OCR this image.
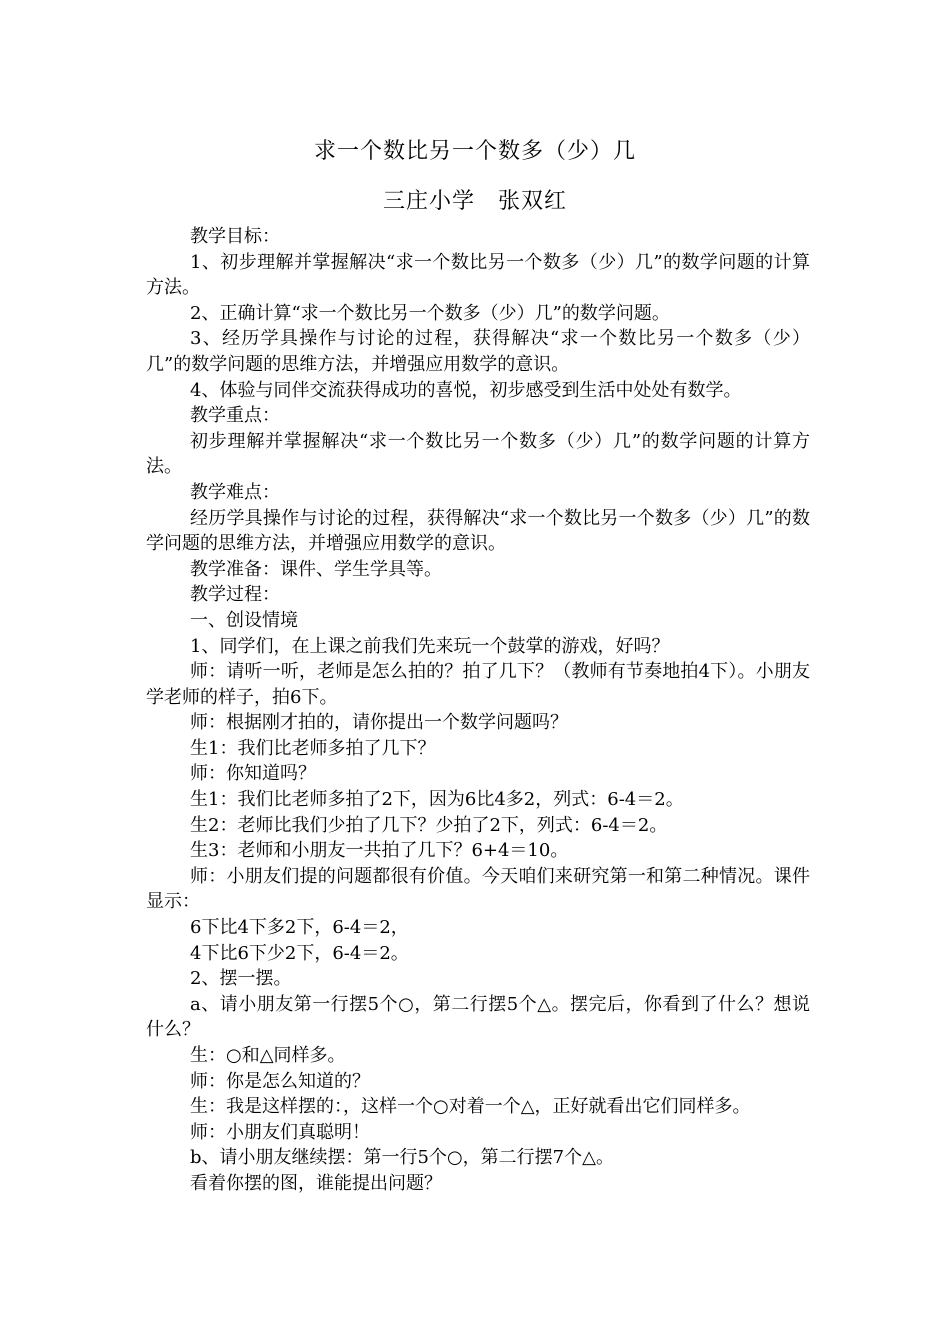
求一个数比另一个数多（少）几
三庄小学　张双红

教学目标：

1、初步理解并掌握解决“求一个数比另一个数多（少）几”的数学问题的计算方法。

2、正确计算“求一个数比另一个数多（少）几”的数学问题。

3、经历学具操作与讨论的过程，获得解决“求一个数比另一个数多（少）几”的数学问题的思维方法，并增强应用数学的意识。

4、体验与同伴交流获得成功的喜悦，初步感受到生活中处处有数学。

教学重点：

初步理解并掌握解决“求一个数比另一个数多（少）几”的数学问题的计算方法。

教学难点：

经历学具操作与讨论的过程，获得解决“求一个数比另一个数多（少）几”的数学问题的思维方法，并增强应用数学的意识。

教学准备：课件、学生学具等。

教学过程：

一、创设情境

1、同学们，在上课之前我们先来玩一个鼓掌的游戏，好吗？

师：请听一听，老师是怎么拍的？拍了几下？（教师有节奏地拍4下）。小朋友学老师的样子，拍6下。

师：根据刚才拍的，请你提出一个数学问题吗？

生1：我们比老师多拍了几下？

师：你知道吗？

生1：我们比老师多拍了2下，因为6比4多2，列式：6-4＝2。

生2：老师比我们少拍了几下？少拍了2下，列式：6-4＝2。

生3：老师和小朋友一共拍了几下？6+4＝10。

师：小朋友们提的问题都很有价值。今天咱们来研究第一和第二种情况。课件显示：

6下比4下多2下，6-4＝2，

4下比6下少2下，6-4＝2。

2、摆一摆。

a、请小朋友第一行摆5个○，第二行摆5个△。摆完后，你看到了什么？想说什么？

生：○和△同样多。

师：你是怎么知道的？

生：我是这样摆的：，这样一个○对着一个△，正好就看出它们同样多。

师：小朋友们真聪明！

b、请小朋友继续摆：第一行5个○，第二行摆7个△。

看着你摆的图，谁能提出问题？
